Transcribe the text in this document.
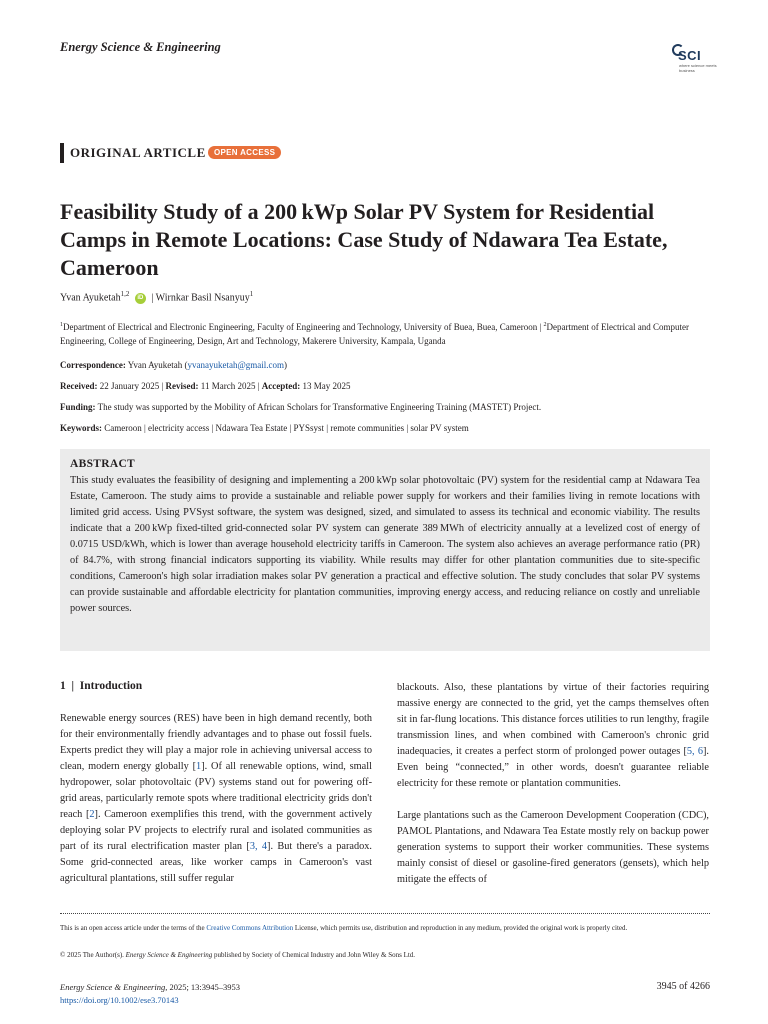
Energy Science & Engineering
SCI
where science meets business
ORIGINAL ARTICLE	OPEN ACCESS
Feasibility Study of a 200 kWp Solar PV System for Residential Camps in Remote Locations: Case Study of Ndawara Tea Estate, Cameroon
Yvan Ayuketah$^{1,2}$ iD | Wirnkar Basil Nsanyuy$^1$
$^1$Department of Electrical and Electronic Engineering, Faculty of Engineering and Technology, University of Buea, Buea, Cameroon | $^2$Department of Electrical and Computer Engineering, College of Engineering, Design, Art and Technology, Makerere University, Kampala, Uganda
Correspondence: Yvan Ayuketah (yvanayuketah@gmail.com)
Received: 22 January 2025 | Revised: 11 March 2025 | Accepted: 13 May 2025
Funding: The study was supported by the Mobility of African Scholars for Transformative Engineering Training (MASTET) Project.
Keywords: Cameroon | electricity access | Ndawara Tea Estate | PYSsyst | remote communities | solar PV system
ABSTRACT
This study evaluates the feasibility of designing and implementing a 200 kWp solar photovoltaic (PV) system for the residential camp at Ndawara Tea Estate, Cameroon. The study aims to provide a sustainable and reliable power supply for workers and their families living in remote locations with limited grid access. Using PVSyst software, the system was designed, sized, and simulated to assess its technical and economic viability. The results indicate that a 200 kWp fixed-tilted grid-connected solar PV system can generate 389 MWh of electricity annually at a levelized cost of energy of 0.0715 USD/kWh, which is lower than average household electricity tariffs in Cameroon. The system also achieves an average performance ratio (PR) of 84.7%, with strong financial indicators supporting its viability. While results may differ for other plantation communities due to site-specific conditions, Cameroon's high solar irradiation makes solar PV generation a practical and effective solution. The study concludes that solar PV systems can provide sustainable and affordable electricity for plantation communities, improving energy access, and reducing reliance on costly and unreliable power sources.
1 | Introduction

Renewable energy sources (RES) have been in high demand recently, both for their environmentally friendly advantages and to phase out fossil fuels. Experts predict they will play a major role in achieving universal access to clean, modern energy globally [1]. Of all renewable options, wind, small hydropower, solar photovoltaic (PV) systems stand out for powering off-grid areas, particularly remote spots where traditional electricity grids don't reach [2]. Cameroon exemplifies this trend, with the government actively deploying solar PV projects to electrify rural and isolated communities as part of its rural electrification master plan [3, 4]. But there's a paradox. Some grid-connected areas, like worker camps in Cameroon's vast agricultural plantations, still suffer regular

blackouts. Also, these plantations by virtue of their factories requiring massive energy are connected to the grid, yet the camps themselves often sit in far-flung locations. This distance forces utilities to run lengthy, fragile transmission lines, and when combined with Cameroon's chronic grid inadequacies, it creates a perfect storm of prolonged power outages [5, 6]. Even being “connected,” in other words, doesn't guarantee reliable electricity for these remote or plantation communities.

Large plantations such as the Cameroon Development Cooperation (CDC), PAMOL Plantations, and Ndawara Tea Estate mostly rely on backup power generation systems to support their worker communities. These systems mainly consist of diesel or gasoline-fired generators (gensets), which help mitigate the effects of

This is an open access article under the terms of the Creative Commons Attribution License, which permits use, distribution and reproduction in any medium, provided the original work is properly cited.
© 2025 The Author(s). Energy Science & Engineering published by Society of Chemical Industry and John Wiley & Sons Ltd.
Energy Science & Engineering, 2025; 13:3945–3953
https://doi.org/10.1002/ese3.70143
3945 of 4266
